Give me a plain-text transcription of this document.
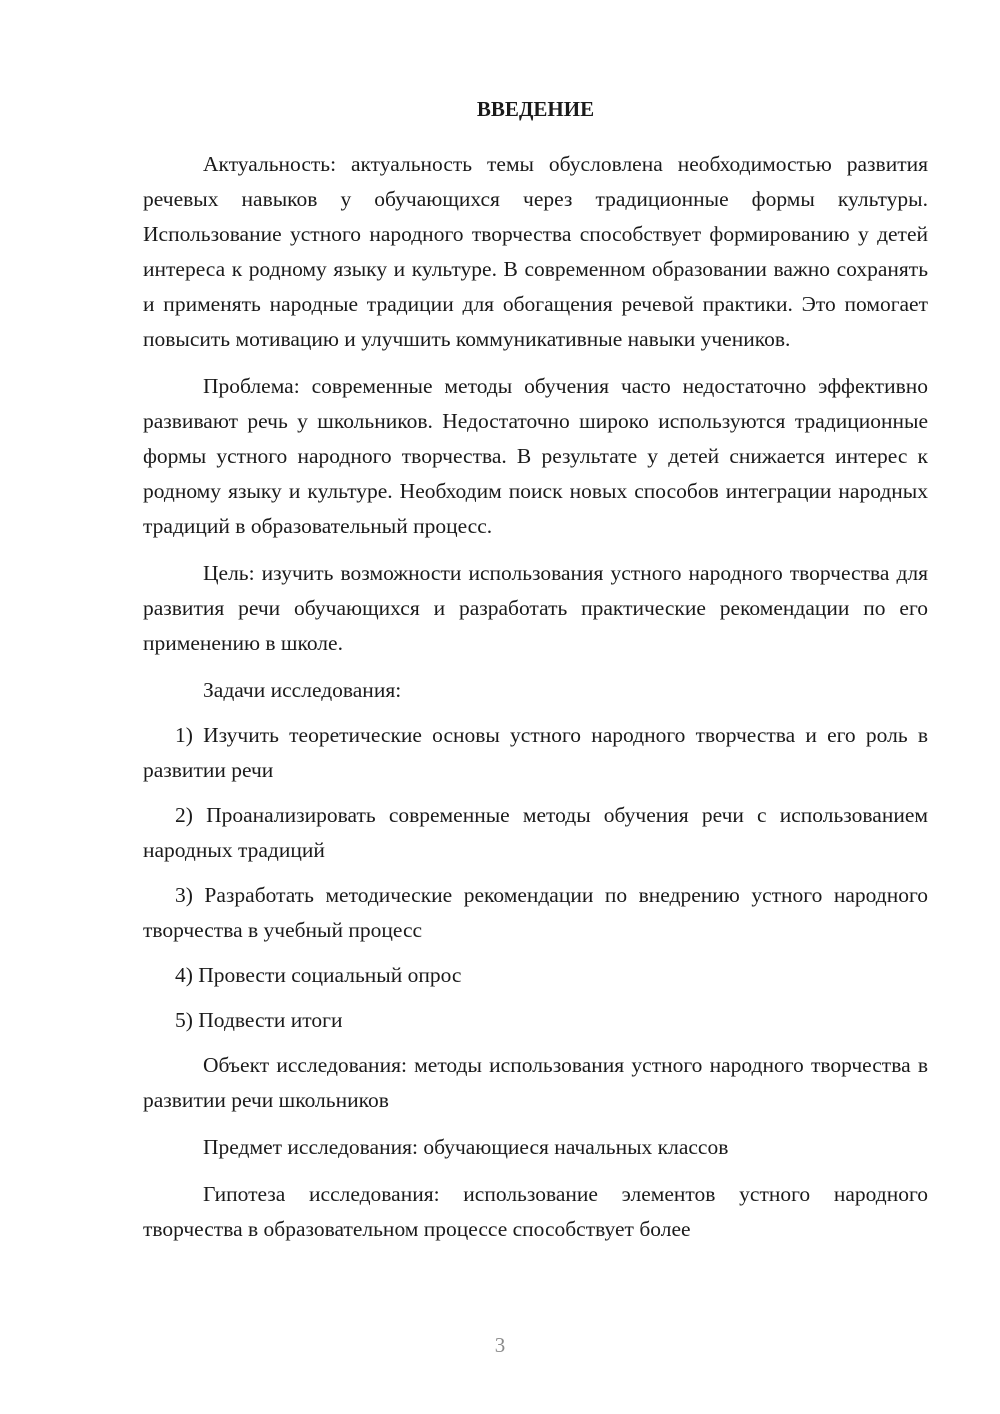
ВВЕДЕНИЕ

Актуальность: актуальность темы обусловлена необходимостью развития речевых навыков у обучающихся через традиционные формы культуры. Использование устного народного творчества способствует формированию у детей интереса к родному языку и культуре. В современном образовании важно сохранять и применять народные традиции для обогащения речевой практики. Это помогает повысить мотивацию и улучшить коммуникативные навыки учеников.

Проблема: современные методы обучения часто недостаточно эффективно развивают речь у школьников. Недостаточно широко используются традиционные формы устного народного творчества. В результате у детей снижается интерес к родному языку и культуре. Необходим поиск новых способов интеграции народных традиций в образовательный процесс.

Цель: изучить возможности использования устного народного творчества для развития речи обучающихся и разработать практические рекомендации по его применению в школе.

Задачи исследования:

1) Изучить теоретические основы устного народного творчества и его роль в развитии речи

2) Проанализировать современные методы обучения речи с использованием народных традиций

3) Разработать методические рекомендации по внедрению устного народного творчества в учебный процесс

4) Провести социальный опрос

5) Подвести итоги

Объект исследования: методы использования устного народного творчества в развитии речи школьников

Предмет исследования: обучающиеся начальных классов

Гипотеза исследования: использование элементов устного народного творчества в образовательном процессе способствует более

3
